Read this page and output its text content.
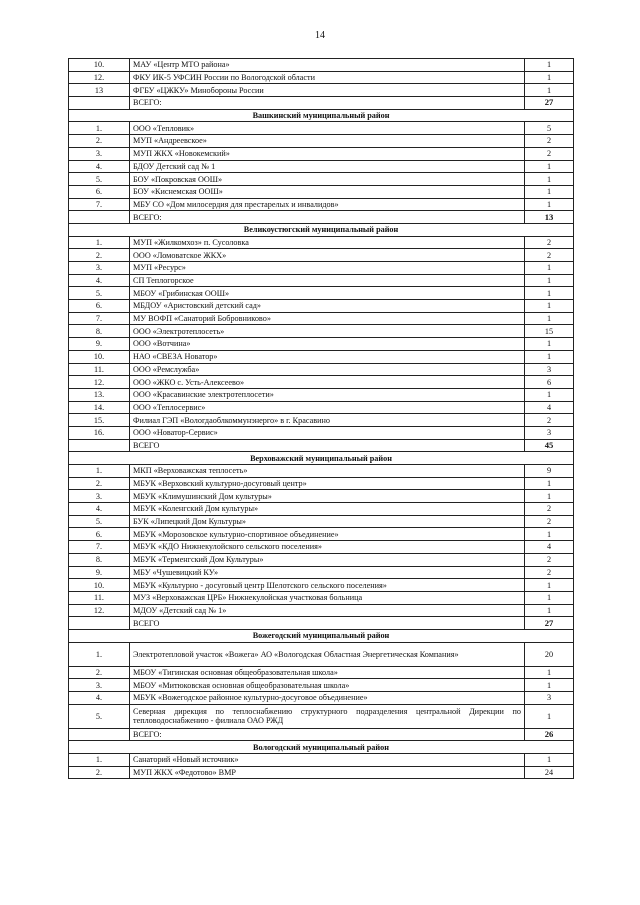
14
10.	МАУ «Центр МТО района»	1
12.	ФКУ ИК-5 УФСИН России по Вологодской области	1
13	ФГБУ «ЦЖКУ» Минобороны России	1
	ВСЕГО:	27
Вашкинский муниципальный район		
1.	ООО «Тепловик»	5
2.	МУП «Андреевское»	2
3.	МУП ЖКХ «Новокемский»	2
4.	БДОУ Детский сад № 1	1
5.	БОУ «Покровская ООШ»	1
6.	БОУ «Киснемская ООШ»	1
7.	МБУ СО «Дом милосердия для престарелых и инвалидов»	1
	ВСЕГО:	13
Великоустюгский муниципальный район		
1.	МУП «Жилкомхоз» п. Сусоловка	2
2.	ООО «Ломоватское ЖКХ»	2
3.	МУП «Ресурс»	1
4.	СП Теплогорское	1
5.	МБОУ «Грибинская ООШ»	1
6.	МБДОУ «Аристовский детский сад»	1
7.	МУ ВОФП «Санаторий Бобровниково»	1
8.	ООО «Электротеплосеть»	15
9.	ООО «Вотчина»	1
10.	НАО «СВЕЗА Новатор»	1
11.	ООО «Ремслужба»	3
12.	ООО «ЖКО с. Усть-Алексеево»	6
13.	ООО «Красавинские электротеплосети»	1
14.	ООО «Теплосервис»	4
15.	Филиал ГЭП «Вологдаоблкоммунэнерго» в г. Красавино	2
16.	ООО «Новатор-Сервис»	3
	ВСЕГО	45
Верховажский муниципальный район		
1.	МКП «Верховажская теплосеть»	9
2.	МБУК «Верховский культурно-досуговый центр»	1
3.	МБУК «Климушинский Дом культуры»	1
4.	МБУК «Коленгский Дом культуры»	2
5.	БУК «Липецкий Дом Культуры»	2
6.	МБУК «Морозовское культурно-спортивное объединение»	1
7.	МБУК «КДО Нижнекулойского сельского поселения»	4
8.	МБУК «Терменгский Дом Культуры»	2
9.	МБУ «Чушевицкий КУ»	2
10.	МБУК «Культурно - досуговый центр Шелотского сельского поселения»	1
11.	МУЗ «Верховажская ЦРБ» Нижнекулойская участковая больница	1
12.	МДОУ «Детский сад № 1»	1
	ВСЕГО	27
Вожегодский муниципальный район		
1.	Электротепловой участок «Вожега» АО «Вологодская Областная Энергетическая Компания»	20
2.	МБОУ «Тигинская основная общеобразовательная школа»	1
3.	МБОУ «Митюковская основная общеобразовательная школа»	1
4.	МБУК «Вожегодское районное культурно-досуговое объединение»	3
5.	Северная дирекция по теплоснабжению структурного подразделения центральной Дирекции по тепловодоснабжению - филиала ОАО РЖД	1
	ВСЕГО:	26
Вологодский муниципальный район		
1.	Санаторий «Новый источник»	1
2.	МУП ЖКХ «Федотово» ВМР	24
